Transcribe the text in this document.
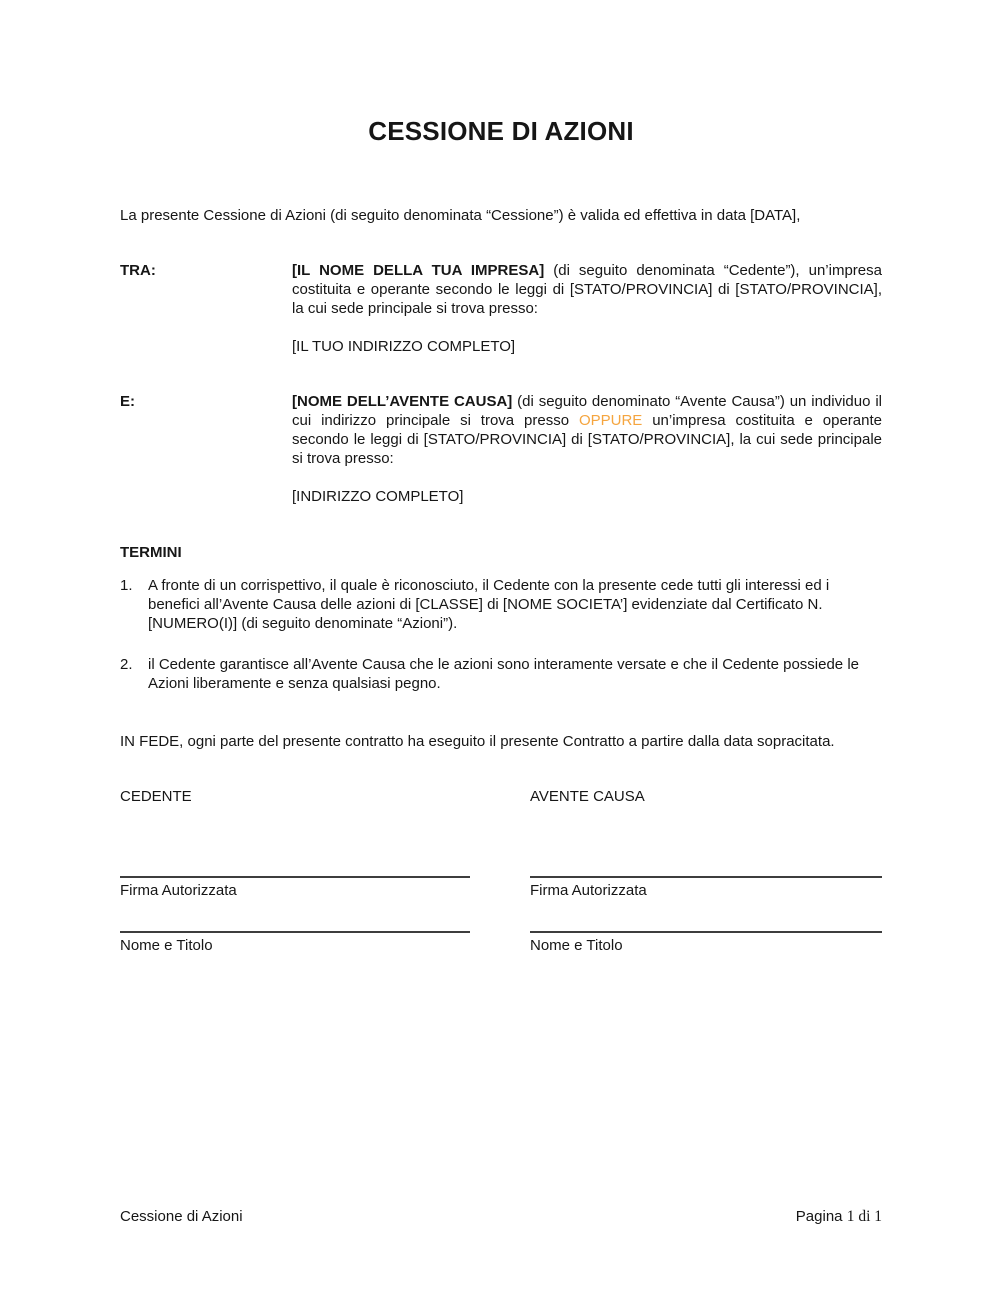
CESSIONE DI AZIONI

La presente Cessione di Azioni (di seguito denominata “Cessione”) è valida ed effettiva in data [DATA],

TRA:	[IL NOME DELLA TUA IMPRESA] (di seguito denominata “Cedente”), un’impresa costituita e operante secondo le leggi di [STATO/PROVINCIA] di [STATO/PROVINCIA], la cui sede principale si trova presso:

[IL TUO INDIRIZZO COMPLETO]

E:	[NOME DELL’AVENTE CAUSA] (di seguito denominato “Avente Causa”) un individuo il cui indirizzo principale si trova presso OPPURE un’impresa costituita e operante secondo le leggi di [STATO/PROVINCIA] di [STATO/PROVINCIA], la cui sede principale si trova presso:

[INDIRIZZO COMPLETO]

TERMINI
1.	A fronte di un corrispettivo, il quale è riconosciuto, il Cedente con la presente cede tutti gli interessi ed i benefici all’Avente Causa delle azioni di [CLASSE] di [NOME SOCIETA’] evidenziate dal Certificato N. [NUMERO(I)] (di seguito denominate “Azioni”).

2.	il Cedente garantisce all’Avente Causa che le azioni sono interamente versate e che il Cedente possiede le Azioni liberamente e senza qualsiasi pegno.

IN FEDE, ogni parte del presente contratto ha eseguito il presente Contratto a partire dalla data sopracitata.

CEDENTE
Firma Autorizzata
Nome e Titolo
AVENTE CAUSA
Firma Autorizzata
Nome e Titolo
Cessione di Azioni	Pagina 1 di 1
